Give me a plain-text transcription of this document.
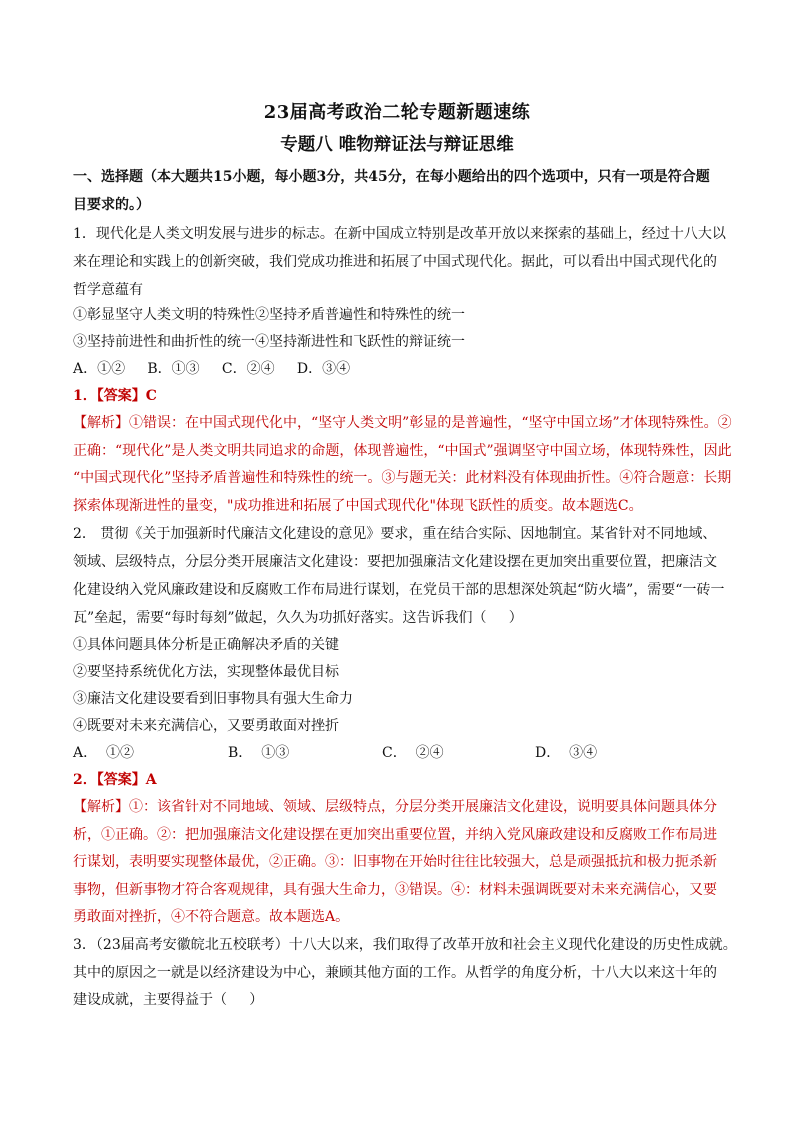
23届高考政治二轮专题新题速练
专题八 唯物辩证法与辩证思维
一、选择题（本大题共15小题，每小题3分，共45分，在每小题给出的四个选项中，只有一项是符合题
目要求的。）
1．现代化是人类文明发展与进步的标志。在新中国成立特别是改革开放以来探索的基础上，经过十八大以
来在理论和实践上的创新突破，我们党成功推进和拓展了中国式现代化。据此，可以看出中国式现代化的
哲学意蕴有
①彰显坚守人类文明的特殊性②坚持矛盾普遍性和特殊性的统一
③坚持前进性和曲折性的统一④坚持渐进性和飞跃性的辩证统一
A．①②     B．①③     C．②④     D．③④
1．【答案】C
【解析】①错误：在中国式现代化中，“坚守人类文明”彰显的是普遍性，“坚守中国立场”才体现特殊性。②
正确：“现代化”是人类文明共同追求的命题，体现普遍性，“中国式”强调坚守中国立场，体现特殊性，因此
“中国式现代化”坚持矛盾普遍性和特殊性的统一。③与题无关：此材料没有体现曲折性。④符合题意：长期
探索体现渐进性的量变，"成功推进和拓展了中国式现代化"体现飞跃性的质变。故本题选C。
2． 贯彻《关于加强新时代廉洁文化建设的意见》要求，重在结合实际、因地制宜。某省针对不同地域、
领域、层级特点，分层分类开展廉洁文化建设：要把加强廉洁文化建设摆在更加突出重要位置，把廉洁文
化建设纳入党风廉政建设和反腐败工作布局进行谋划，在党员干部的思想深处筑起“防火墙”，需要“一砖一
瓦”垒起，需要“每时每刻”做起，久久为功抓好落实。这告诉我们（     ）
①具体问题具体分析是正确解决矛盾的关键
②要坚持系统优化方法，实现整体最优目标
③廉洁文化建设要看到旧事物具有强大生命力
④既要对未来充满信心，又要勇敢面对挫折
A．  ①②	B．  ①③	C．  ②④	D．  ③④
2．【答案】A
【解析】①：该省针对不同地域、领域、层级特点，分层分类开展廉洁文化建设，说明要具体问题具体分
析，①正确。②：把加强廉洁文化建设摆在更加突出重要位置，并纳入党风廉政建设和反腐败工作布局进
行谋划，表明要实现整体最优，②正确。③：旧事物在开始时往往比较强大，总是顽强抵抗和极力扼杀新
事物，但新事物才符合客观规律，具有强大生命力，③错误。④：材料未强调既要对未来充满信心，又要
勇敢面对挫折，④不符合题意。故本题选A。
3．（23届高考安徽皖北五校联考）十八大以来，我们取得了改革开放和社会主义现代化建设的历史性成就。
其中的原因之一就是以经济建设为中心，兼顾其他方面的工作。从哲学的角度分析，十八大以来这十年的
建设成就，主要得益于（     ）
